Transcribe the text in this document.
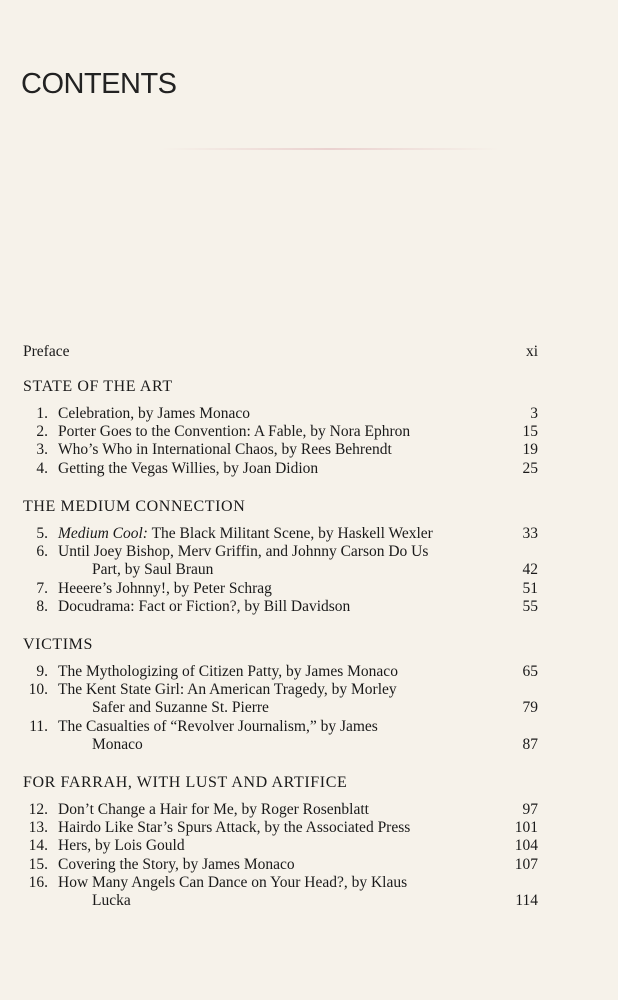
CONTENTS
Preface	xi
STATE OF THE ART
1. Celebration, by James Monaco	3
2. Porter Goes to the Convention: A Fable, by Nora Ephron	15
3. Who’s Who in International Chaos, by Rees Behrendt	19
4. Getting the Vegas Willies, by Joan Didion	25
THE MEDIUM CONNECTION
5. Medium Cool: The Black Militant Scene, by Haskell Wexler	33
6. Until Joey Bishop, Merv Griffin, and Johnny Carson Do Us
Part, by Saul Braun	42
7. Heeere’s Johnny!, by Peter Schrag	51
8. Docudrama: Fact or Fiction?, by Bill Davidson	55
VICTIMS
9. The Mythologizing of Citizen Patty, by James Monaco	65
10. The Kent State Girl: An American Tragedy, by Morley
Safer and Suzanne St. Pierre	79
11. The Casualties of “Revolver Journalism,” by James
Monaco	87
FOR FARRAH, WITH LUST AND ARTIFICE
12. Don’t Change a Hair for Me, by Roger Rosenblatt	97
13. Hairdo Like Star’s Spurs Attack, by the Associated Press	101
14. Hers, by Lois Gould	104
15. Covering the Story, by James Monaco	107
16. How Many Angels Can Dance on Your Head?, by Klaus
Lucka	114
